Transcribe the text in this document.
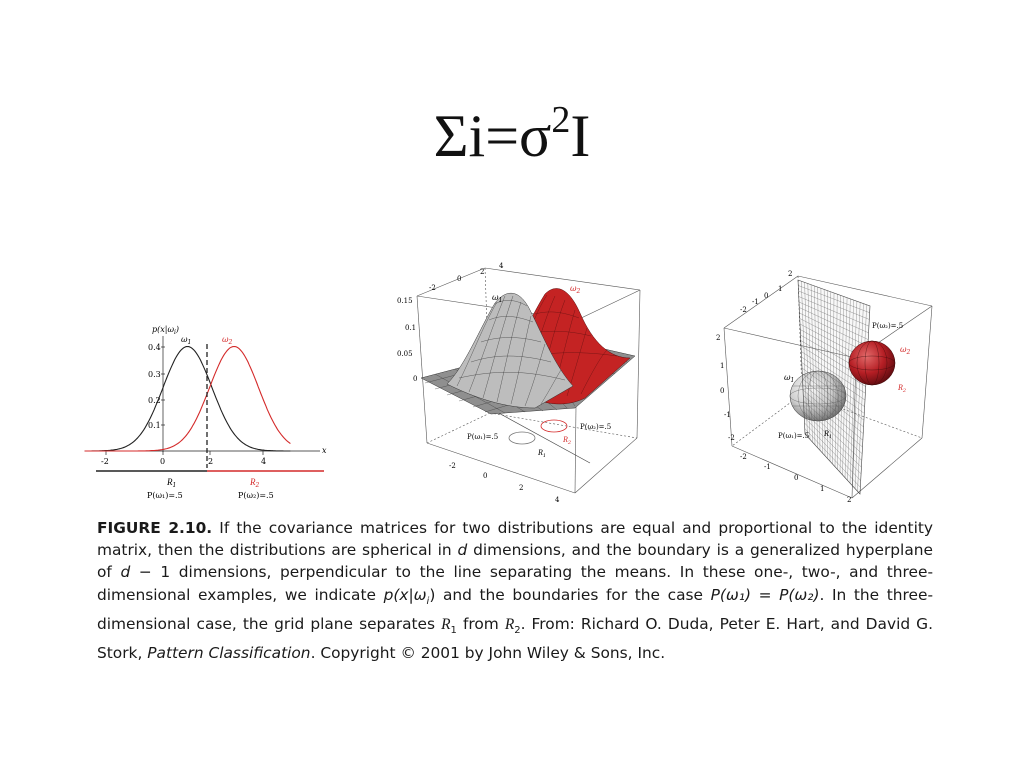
$\Sigma i=\sigma^2I$
$p(x|\omega_i)$
0.4
0.3
0.2
0.1
x
-2	0	2	4
$\omega_1$	$\omega_2$
$R_1$	$R_2$
P(ω₁)=.5	P(ω₂)=.5
0.15
0.1
0.05
0
-2
0
2
4
-2
0
2
4
$\omega_1$
$\omega_2$
P(ω₁)=.5
P(ω₂)=.5
$R_1$
$R_2$
-2
-1
0
1
2
2
1
0
-1
-2
-2
-1
0
1
2
P(ω₂)=.5
$\omega_2$
$R_2$
$\omega_1$
P(ω₁)=.5 $R_1$
FIGURE 2.10. If the covariance matrices for two distributions are equal and proportional to the identity matrix, then the distributions are spherical in d dimensions, and the boundary is a generalized hyperplane of d − 1 dimensions, perpendicular to the line separating the means. In these one-, two-, and three-dimensional examples, we indicate $p(x|\omega_i)$ and the boundaries for the case P(ω₁) = P(ω₂). In the three-dimensional case, the grid plane separates $R_1$ from $R_2$. From: Richard O. Duda, Peter E. Hart, and David G. Stork, Pattern Classification. Copyright © 2001 by John Wiley & Sons, Inc.
